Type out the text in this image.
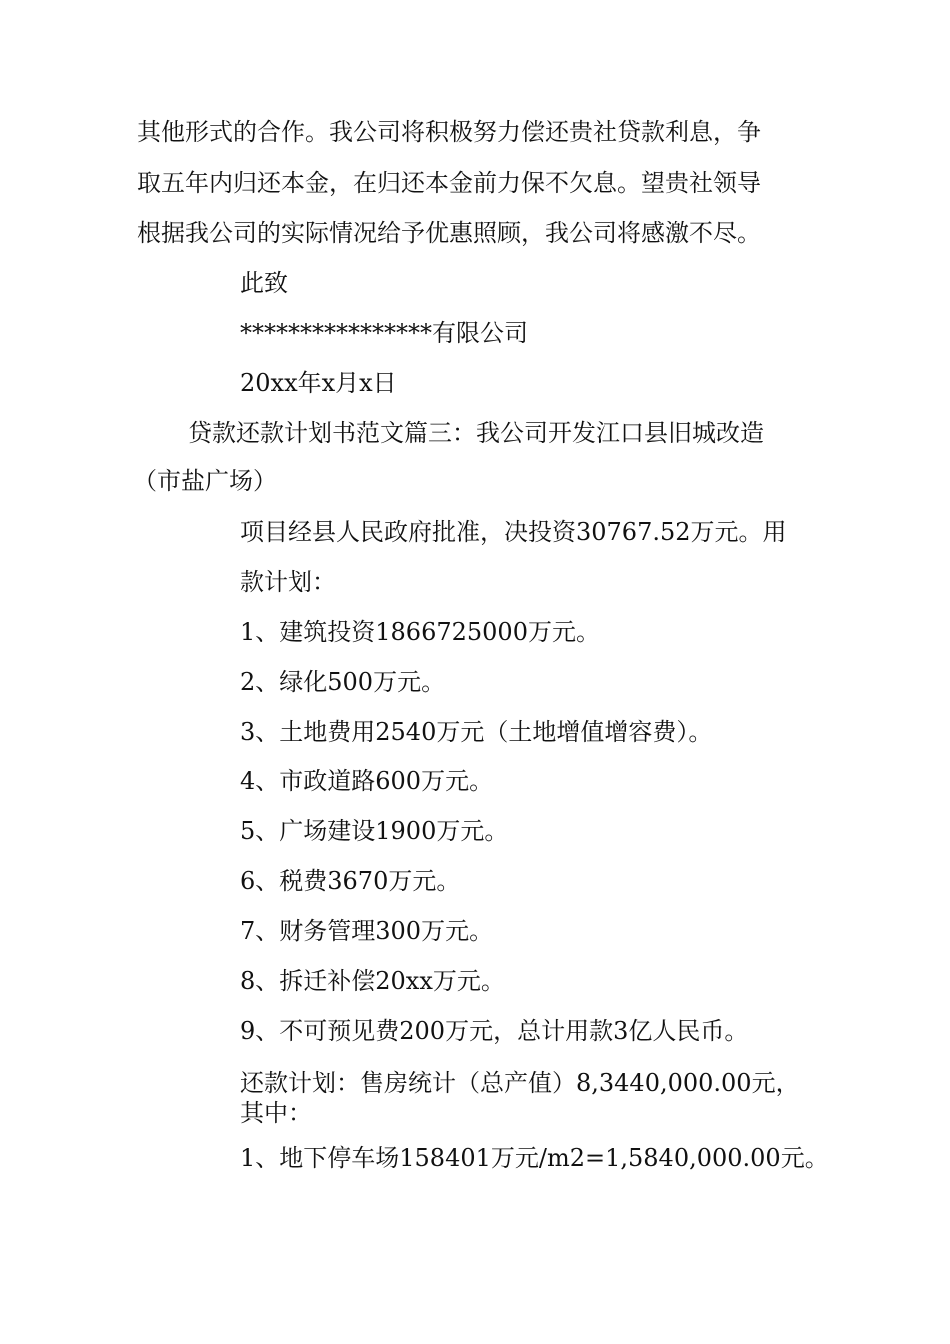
其他形式的合作。我公司将积极努力偿还贵社贷款利息，争

取五年内归还本金，在归还本金前力保不欠息。望贵社领导

根据我公司的实际情况给予优惠照顾，我公司将感激不尽。

此致

****************有限公司

20xx年x月x日

贷款还款计划书范文篇三：我公司开发江口县旧城改造

（市盐广场）

项目经县人民政府批准，决投资30767.52万元。用

款计划：

1、建筑投资1866725000万元。

2、绿化500万元。

3、土地费用2540万元（土地增值增容费）。

4、市政道路600万元。

5、广场建设1900万元。

6、税费3670万元。

7、财务管理300万元。

8、拆迁补偿20xx万元。

9、不可预见费200万元，总计用款3亿人民币。

还款计划：售房统计（总产值）8,3440,000.00元，

其中：

1、地下停车场158401万元/m2=1,5840,000.00元。
